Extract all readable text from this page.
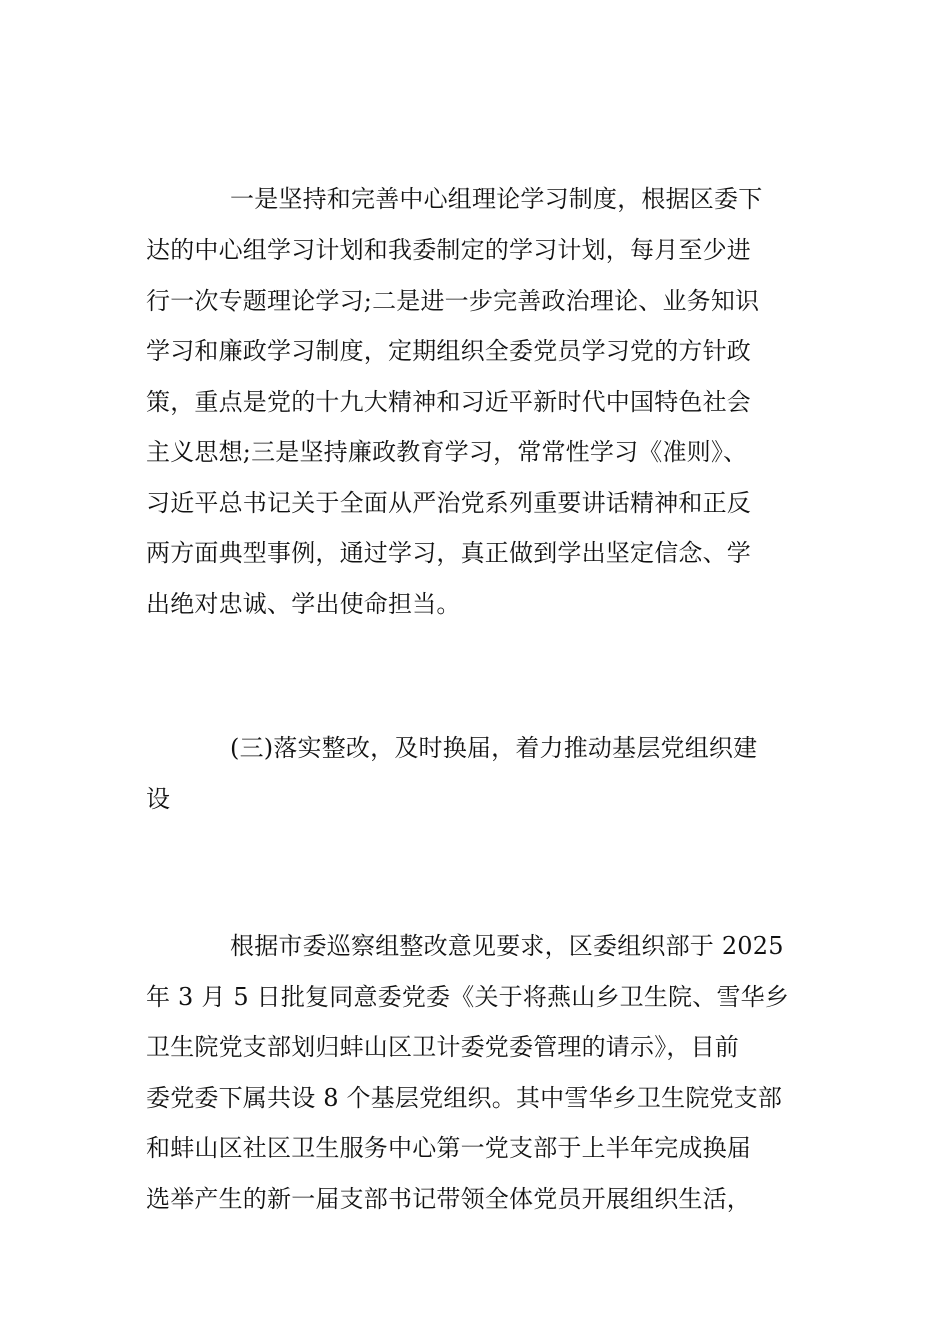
一是坚持和完善中心组理论学习制度，根据区委下
达的中心组学习计划和我委制定的学习计划，每月至少进
行一次专题理论学习;二是进一步完善政治理论、业务知识
学习和廉政学习制度，定期组织全委党员学习党的方针政
策，重点是党的十九大精神和习近平新时代中国特色社会
主义思想;三是坚持廉政教育学习，常常性学习《准则》、
习近平总书记关于全面从严治党系列重要讲话精神和正反
两方面典型事例，通过学习，真正做到学出坚定信念、学
出绝对忠诚、学出使命担当。
(三)落实整改，及时换届，着力推动基层党组织建
设
根据市委巡察组整改意见要求，区委组织部于 2025
年 3 月 5 日批复同意委党委《关于将燕山乡卫生院、雪华乡
卫生院党支部划归蚌山区卫计委党委管理的请示》，目前
委党委下属共设 8 个基层党组织。其中雪华乡卫生院党支部
和蚌山区社区卫生服务中心第一党支部于上半年完成换届
选举产生的新一届支部书记带领全体党员开展组织生活，
